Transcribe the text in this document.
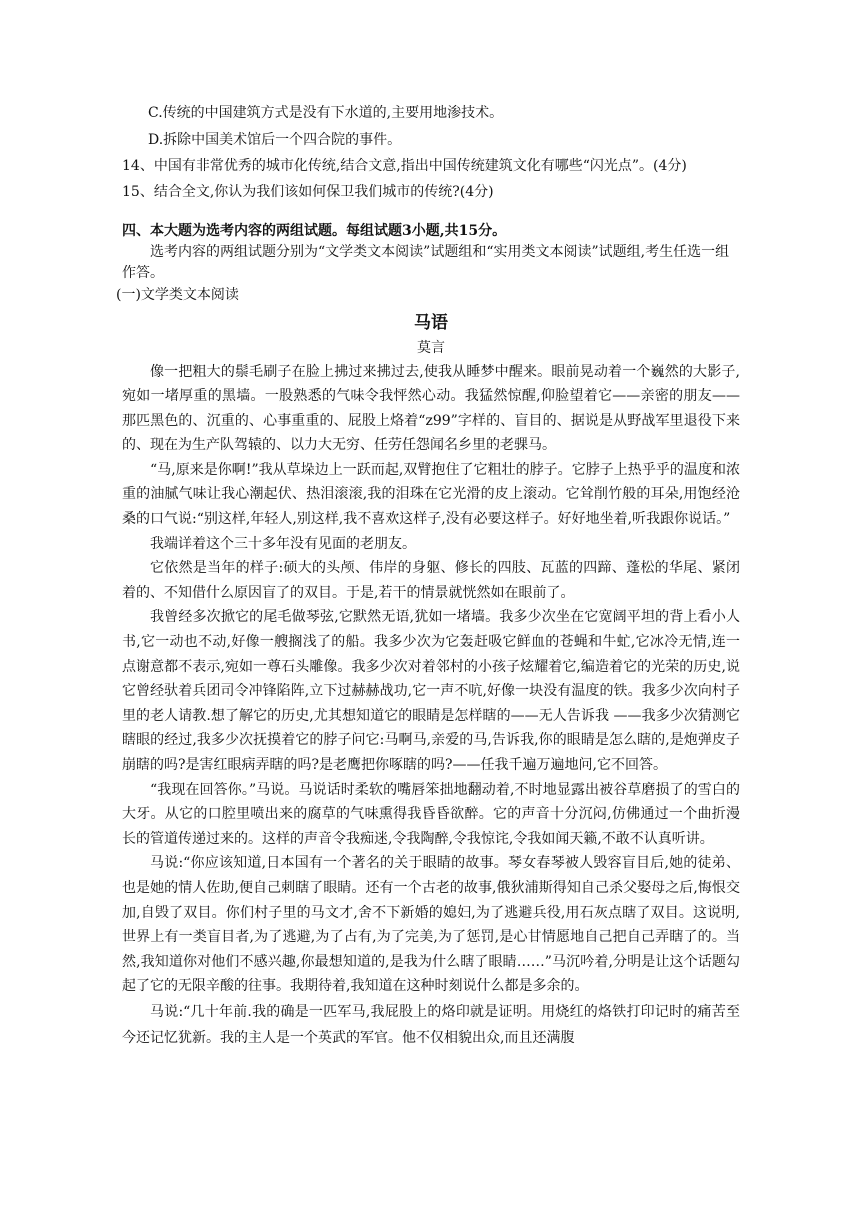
C.传统的中国建筑方式是没有下水道的,主要用地渗技术。
D.拆除中国美术馆后一个四合院的事件。
14、中国有非常优秀的城市化传统,结合文意,指出中国传统建筑文化有哪些“闪光点”。(4分)
15、结合全文,你认为我们该如何保卫我们城市的传统?(4分)
四、本大题为选考内容的两组试题。每组试题3小题,共15分。
选考内容的两组试题分别为“文学类文本阅读”试题组和“实用类文本阅读”试题组,考生任选一组作答。
(一)文学类文本阅读
马语
莫言

像一把粗大的鬃毛刷子在脸上拂过来拂过去,使我从睡梦中醒来。眼前晃动着一个巍然的大影子,宛如一堵厚重的黑墙。一股熟悉的气味令我怦然心动。我猛然惊醒,仰脸望着它——亲密的朋友——那匹黑色的、沉重的、心事重重的、屁股上烙着“z99”字样的、盲目的、据说是从野战军里退役下来的、现在为生产队驾辕的、以力大无穷、任劳任怨闻名乡里的老骒马。

“马,原来是你啊!”我从草垛边上一跃而起,双臂抱住了它粗壮的脖子。它脖子上热乎乎的温度和浓重的油腻气味让我心潮起伏、热泪滚滚,我的泪珠在它光滑的皮上滚动。它耸削竹般的耳朵,用饱经沧桑的口气说:“别这样,年轻人,别这样,我不喜欢这样子,没有必要这样子。好好地坐着,听我跟你说话。”

我端详着这个三十多年没有见面的老朋友。

它依然是当年的样子:硕大的头颅、伟岸的身躯、修长的四肢、瓦蓝的四蹄、蓬松的华尾、紧闭着的、不知借什么原因盲了的双目。于是,若干的情景就恍然如在眼前了。

我曾经多次掀它的尾毛做琴弦,它默然无语,犹如一堵墙。我多少次坐在它宽阔平坦的背上看小人书,它一动也不动,好像一艘搁浅了的船。我多少次为它轰赶吸它鲜血的苍蝇和牛虻,它冰冷无情,连一点谢意都不表示,宛如一尊石头雕像。我多少次对着邻村的小孩子炫耀着它,编造着它的光荣的历史,说它曾经驮着兵团司令冲锋陷阵,立下过赫赫战功,它一声不吭,好像一块没有温度的铁。我多少次向村子里的老人请教.想了解它的历史,尤其想知道它的眼睛是怎样瞎的——无人告诉我 ——我多少次猜测它瞎眼的经过,我多少次抚摸着它的脖子问它:马啊马,亲爱的马,告诉我,你的眼睛是怎么瞎的,是炮弹皮子崩瞎的吗?是害红眼病弄瞎的吗?是老鹰把你啄瞎的吗?——任我千遍万遍地问,它不回答。

“我现在回答你。”马说。马说话时柔软的嘴唇笨拙地翻动着,不时地显露出被谷草磨损了的雪白的大牙。从它的口腔里喷出来的腐草的气味熏得我昏昏欲醉。它的声音十分沉闷,仿佛通过一个曲折漫长的管道传递过来的。这样的声音令我痴迷,令我陶醉,令我惊诧,令我如闻天籁,不敢不认真听讲。

马说:“你应该知道,日本国有一个著名的关于眼睛的故事。琴女春琴被人毁容盲目后,她的徒弟、也是她的情人佐助,便自己刺瞎了眼睛。还有一个古老的故事,俄狄浦斯得知自己杀父娶母之后,悔恨交加,自毁了双目。你们村子里的马文才,舍不下新婚的媳妇,为了逃避兵役,用石灰点瞎了双目。这说明,世界上有一类盲目者,为了逃避,为了占有,为了完美,为了惩罚,是心甘情愿地自己把自己弄瞎了的。当然,我知道你对他们不感兴趣,你最想知道的,是我为什么瞎了眼睛……”马沉吟着,分明是让这个话题勾起了它的无限辛酸的往事。我期待着,我知道在这种时刻说什么都是多余的。

马说:“几十年前.我的确是一匹军马,我屁股上的烙印就是证明。用烧红的烙铁打印记时的痛苦至今还记忆犹新。我的主人是一个英武的军官。他不仅相貌出众,而且还满腹
